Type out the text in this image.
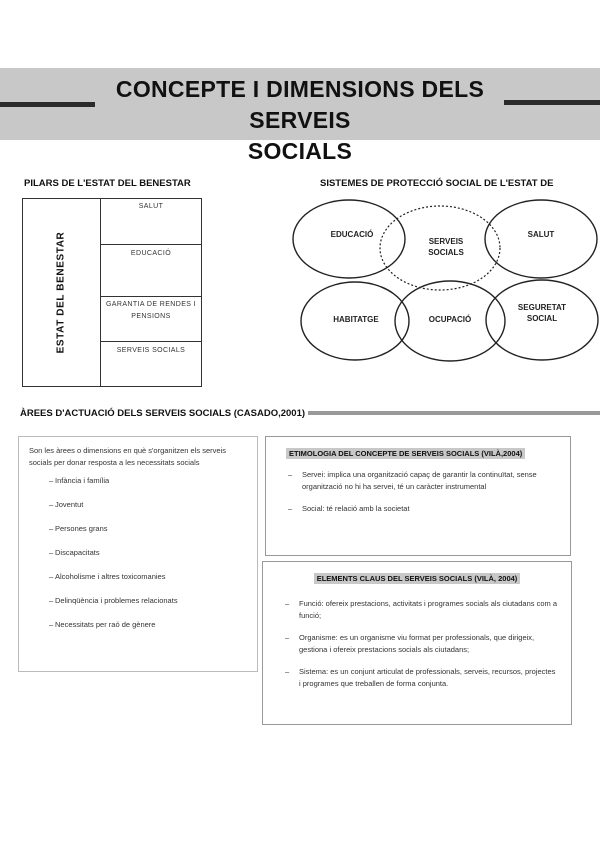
CONCEPTE I DIMENSIONS DELS SERVEIS
SOCIALS
PILARS DE L'ESTAT DEL BENESTAR
ESTAT DEL BENESTAR
SALUT
EDUCACIÓ
GARANTIA DE RENDES I PENSIONS
SERVEIS SOCIALS
SISTEMES DE PROTECCIÓ SOCIAL DE L'ESTAT DE
EDUCACIÓ	SALUT
SERVEIS SOCIALS
HABITATGE	OCUPACIÓ
SEGURETAT SOCIAL
ÀREES D'ACTUACIÓ DELS SERVEIS SOCIALS (CASADO,2001)
Son les àrees o dimensions en què s'organitzen els serveis socials per donar resposta a les necessitats socials
– Infància i família
– Joventut
– Persones grans
– Discapacitats
– Alcoholisme i altres toxicomanies
– Delinqüència i problemes relacionats
– Necessitats per raó de gènere
ETIMOLOGIA DEL CONCEPTE DE SERVEIS SOCIALS (VILÀ,2004)
–	Servei: implica una organització capaç de garantir la continuïtat, sense organització no hi ha servei, té un caràcter instrumental
–	Social: té relació amb la societat
ELEMENTS CLAUS DEL SERVEIS SOCIALS (VILÀ, 2004)
–	Funció: ofereix prestacions, activitats i programes socials als ciutadans com a funció;
–	Organisme: es un organisme viu format per professionals, que dirigeix, gestiona i ofereix prestacions socials als ciutadans;
–	Sistema: es un conjunt articulat de professionals, serveis, recursos, projectes i programes que treballen de forma conjunta.
